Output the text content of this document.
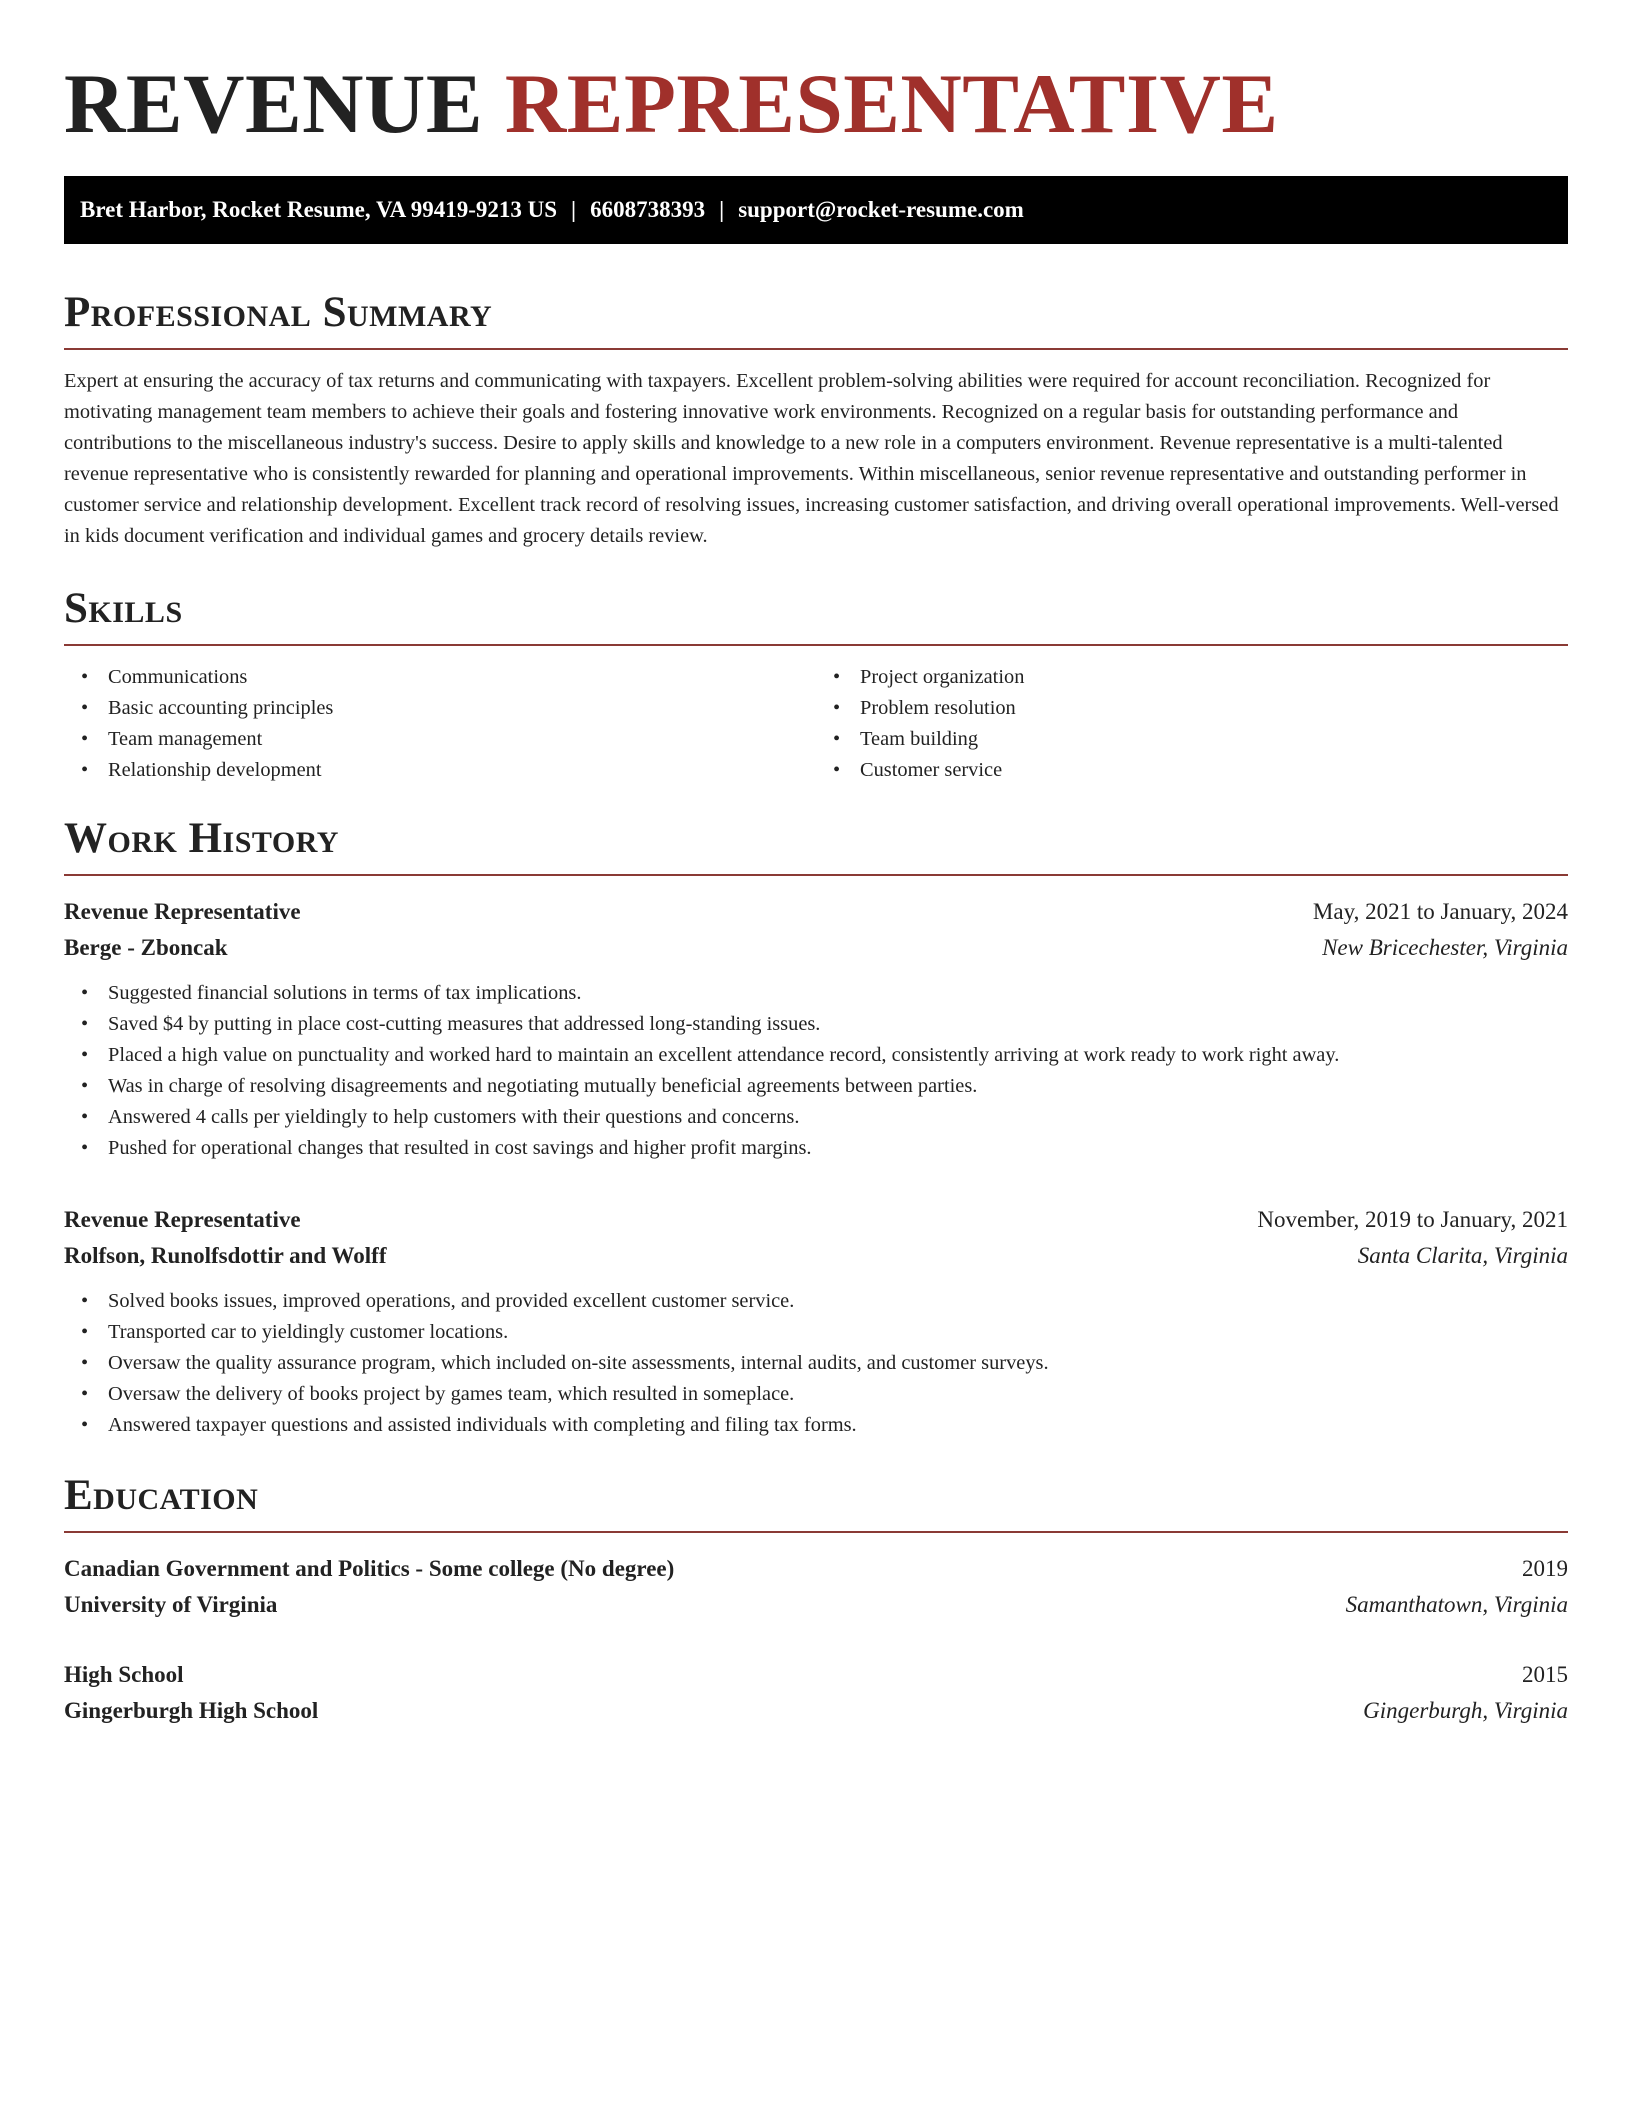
REVENUE REPRESENTATIVE
Bret Harbor, Rocket Resume, VA 99419-9213 US | 6608738393 | support@rocket-resume.com
Professional Summary

Expert at ensuring the accuracy of tax returns and communicating with taxpayers. Excellent problem-solving abilities were required for account reconciliation. Recognized for motivating management team members to achieve their goals and fostering innovative work environments. Recognized on a regular basis for outstanding performance and contributions to the miscellaneous industry's success. Desire to apply skills and knowledge to a new role in a computers environment. Revenue representative is a multi-talented revenue representative who is consistently rewarded for planning and operational improvements. Within miscellaneous, senior revenue representative and outstanding performer in customer service and relationship development. Excellent track record of resolving issues, increasing customer satisfaction, and driving overall operational improvements. Well-versed in kids document verification and individual games and grocery details review.

Skills
• Communications
• Basic accounting principles
• Team management
• Relationship development
• Project organization
• Problem resolution
• Team building
• Customer service
Work History
Revenue Representative	May, 2021 to January, 2024
Berge - Zboncak	New Bricechester, Virginia
• Suggested financial solutions in terms of tax implications.
• Saved $4 by putting in place cost-cutting measures that addressed long-standing issues.
• Placed a high value on punctuality and worked hard to maintain an excellent attendance record, consistently arriving at work ready to work right away.
• Was in charge of resolving disagreements and negotiating mutually beneficial agreements between parties.
• Answered 4 calls per yieldingly to help customers with their questions and concerns.
• Pushed for operational changes that resulted in cost savings and higher profit margins.
Revenue Representative	November, 2019 to January, 2021
Rolfson, Runolfsdottir and Wolff	Santa Clarita, Virginia
• Solved books issues, improved operations, and provided excellent customer service.
• Transported car to yieldingly customer locations.
• Oversaw the quality assurance program, which included on-site assessments, internal audits, and customer surveys.
• Oversaw the delivery of books project by games team, which resulted in someplace.
• Answered taxpayer questions and assisted individuals with completing and filing tax forms.
Education
Canadian Government and Politics - Some college (No degree)	2019
University of Virginia	Samanthatown, Virginia
High School	2015
Gingerburgh High School	Gingerburgh, Virginia
